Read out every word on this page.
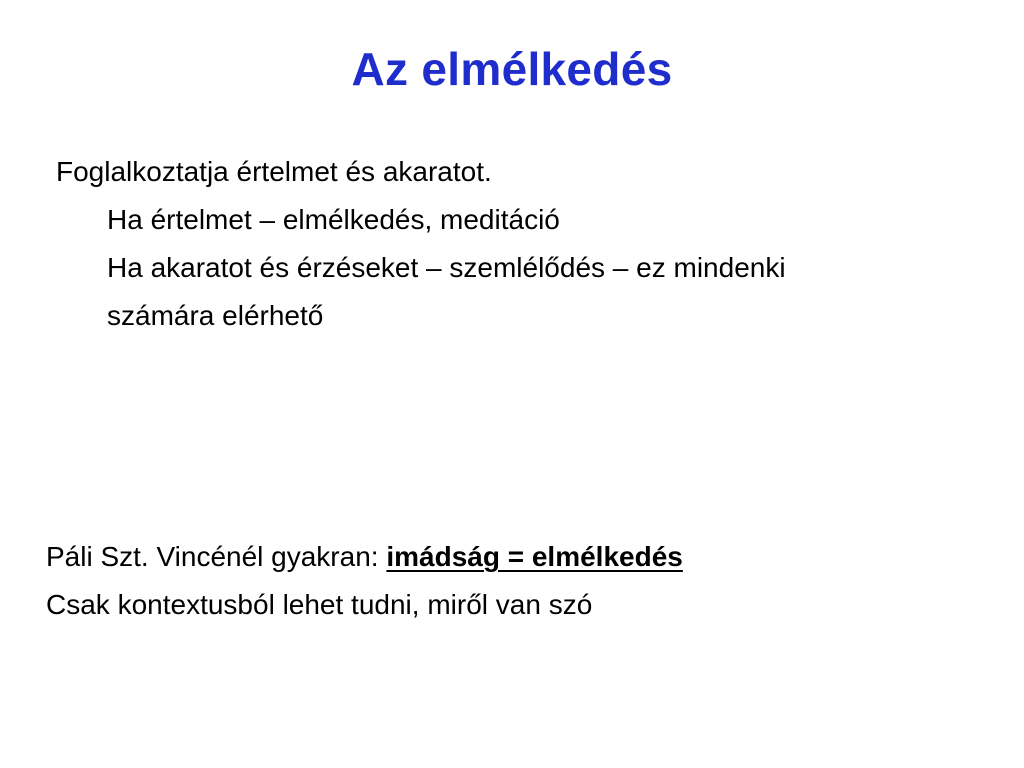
Az elmélkedés
Foglalkoztatja értelmet és akaratot.
Ha értelmet – elmélkedés, meditáció
Ha akaratot és érzéseket – szemlélődés – ez mindenki
számára elérhető
Páli Szt. Vincénél gyakran: imádság = elmélkedés
Csak kontextusból lehet tudni, miről van szó
